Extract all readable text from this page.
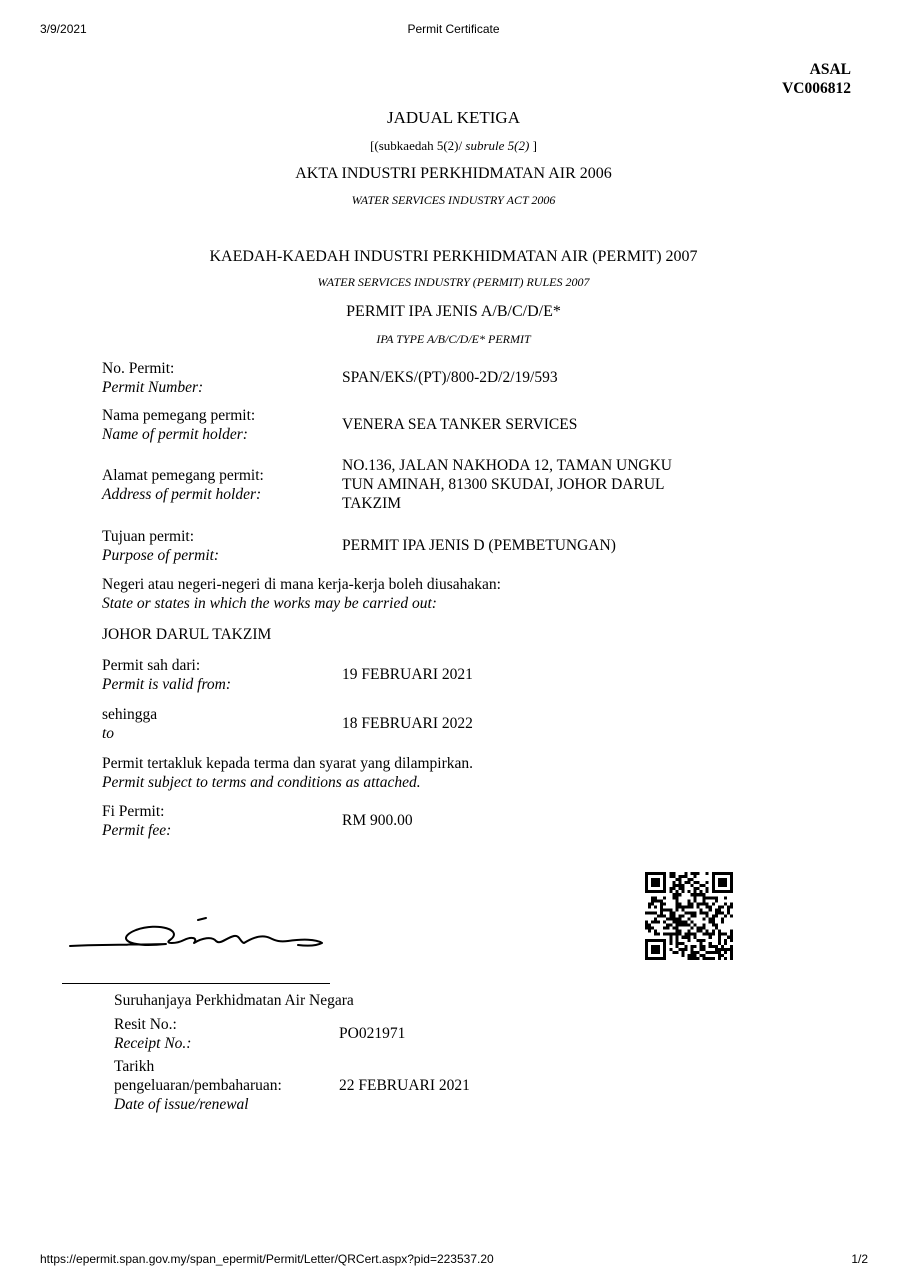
3/9/2021	Permit Certificate
ASAL
VC006812
JADUAL KETIGA
[(subkaedah 5(2)/ subrule 5(2) ]
AKTA INDUSTRI PERKHIDMATAN AIR 2006
WATER SERVICES INDUSTRY ACT 2006
KAEDAH-KAEDAH INDUSTRI PERKHIDMATAN AIR (PERMIT) 2007
WATER SERVICES INDUSTRY (PERMIT) RULES 2007
PERMIT IPA JENIS A/B/C/D/E*
IPA TYPE A/B/C/D/E* PERMIT
No. Permit:
Permit Number:
SPAN/EKS/(PT)/800-2D/2/19/593
Nama pemegang permit:
Name of permit holder:
VENERA SEA TANKER SERVICES
Alamat pemegang permit:
Address of permit holder:
NO.136, JALAN NAKHODA 12, TAMAN UNGKU
TUN AMINAH, 81300 SKUDAI, JOHOR DARUL
TAKZIM
Tujuan permit:
Purpose of permit:
PERMIT IPA JENIS D (PEMBETUNGAN)
Negeri atau negeri-negeri di mana kerja-kerja boleh diusahakan:
State or states in which the works may be carried out:
JOHOR DARUL TAKZIM
Permit sah dari:
Permit is valid from:
19 FEBRUARI 2021
sehingga
to
18 FEBRUARI 2022
Permit tertakluk kepada terma dan syarat yang dilampirkan.
Permit subject to terms and conditions as attached.
Fi Permit:
Permit fee:
RM 900.00
Suruhanjaya Perkhidmatan Air Negara
Resit No.:
Receipt No.:
PO021971
Tarikh
pengeluaran/pembaharuan:
Date of issue/renewal
22 FEBRUARI 2021
https://epermit.span.gov.my/span_epermit/Permit/Letter/QRCert.aspx?pid=223537.20	1/2
